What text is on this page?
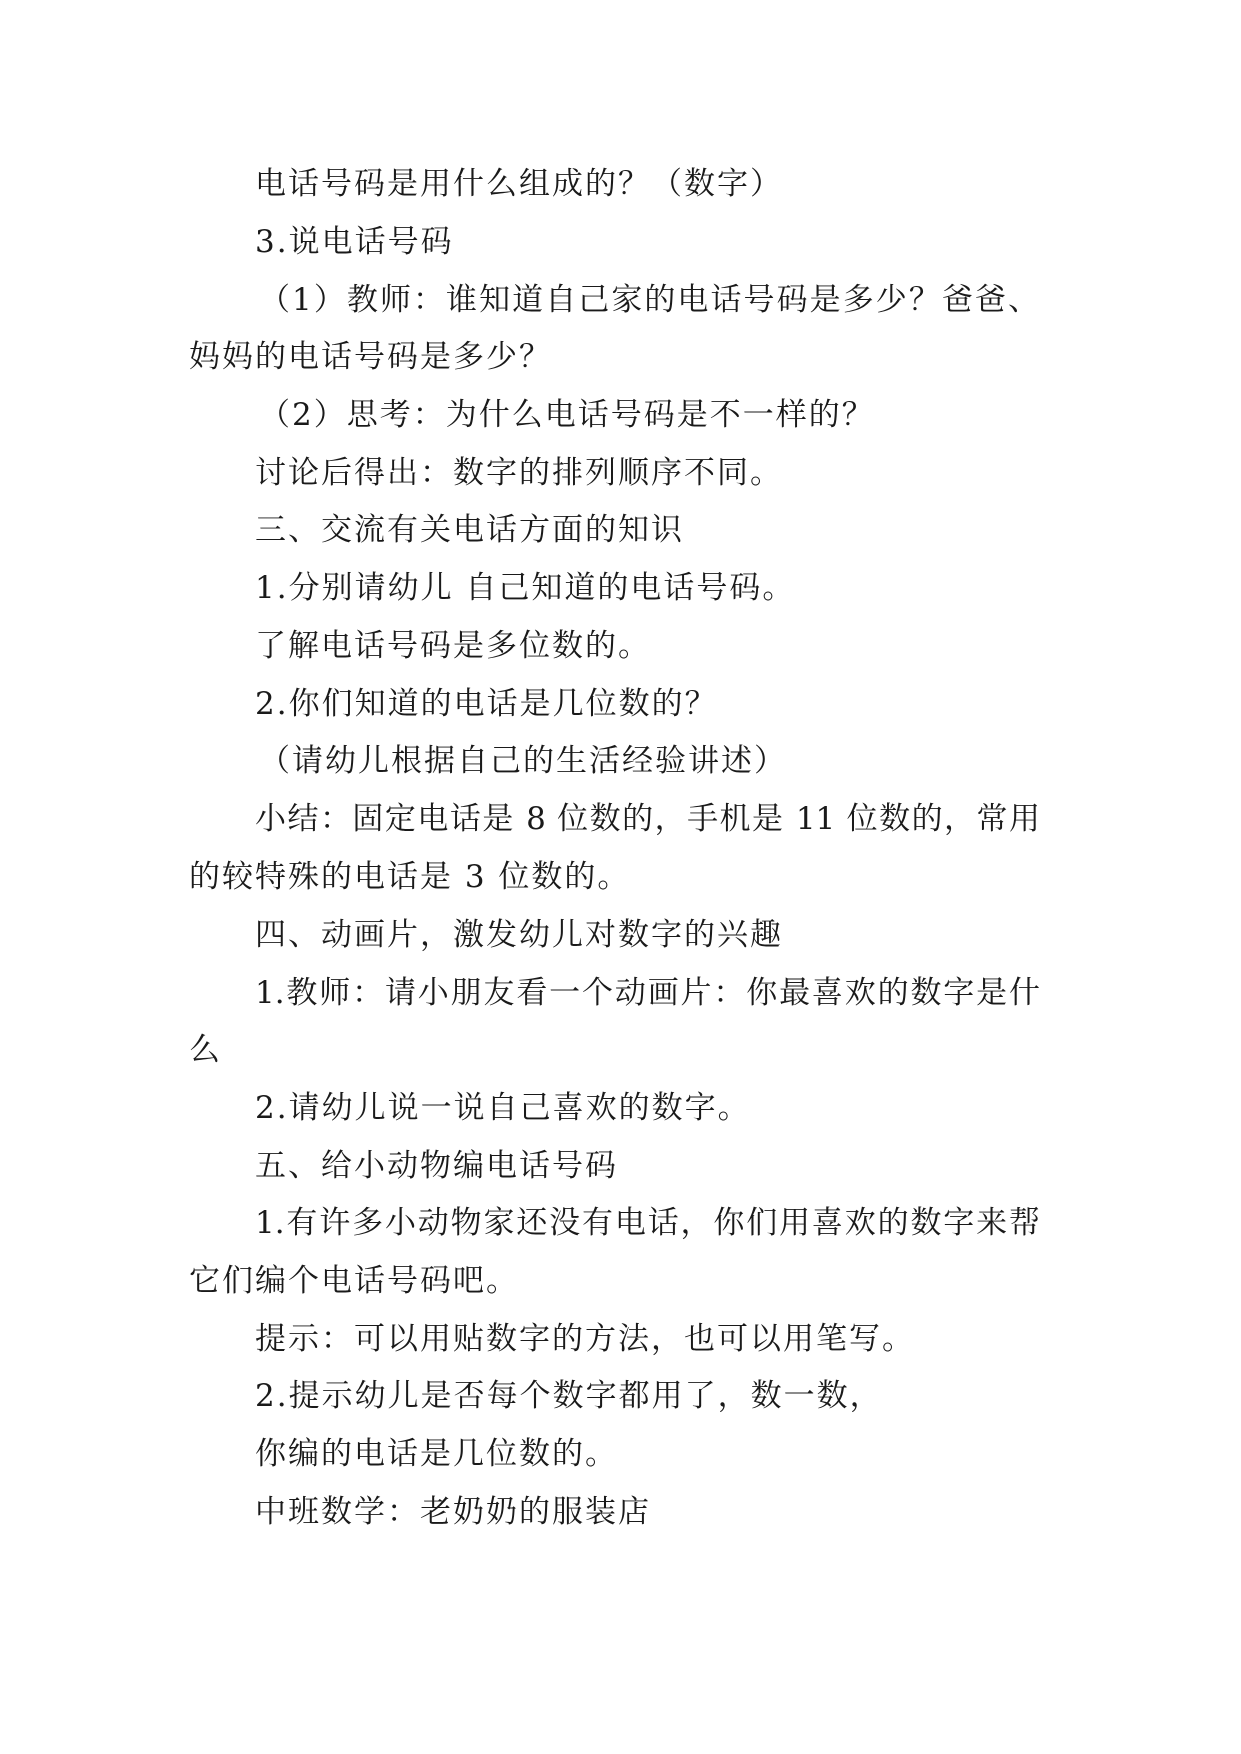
电话号码是用什么组成的？（数字）
3.说电话号码
（1）教师：谁知道自己家的电话号码是多少？爸爸、
妈妈的电话号码是多少？
（2）思考：为什么电话号码是不一样的？
讨论后得出：数字的排列顺序不同。
三、交流有关电话方面的知识
1.分别请幼儿 自己知道的电话号码。
了解电话号码是多位数的。
2.你们知道的电话是几位数的？
（请幼儿根据自己的生活经验讲述）
小结：固定电话是 8 位数的，手机是 11 位数的，常用
的较特殊的电话是 3 位数的。
四、动画片，激发幼儿对数字的兴趣
1.教师：请小朋友看一个动画片：你最喜欢的数字是什
么
2.请幼儿说一说自己喜欢的数字。
五、给小动物编电话号码
1.有许多小动物家还没有电话，你们用喜欢的数字来帮
它们编个电话号码吧。
提示：可以用贴数字的方法，也可以用笔写。
2.提示幼儿是否每个数字都用了，数一数，
你编的电话是几位数的。
中班数学：老奶奶的服装店
